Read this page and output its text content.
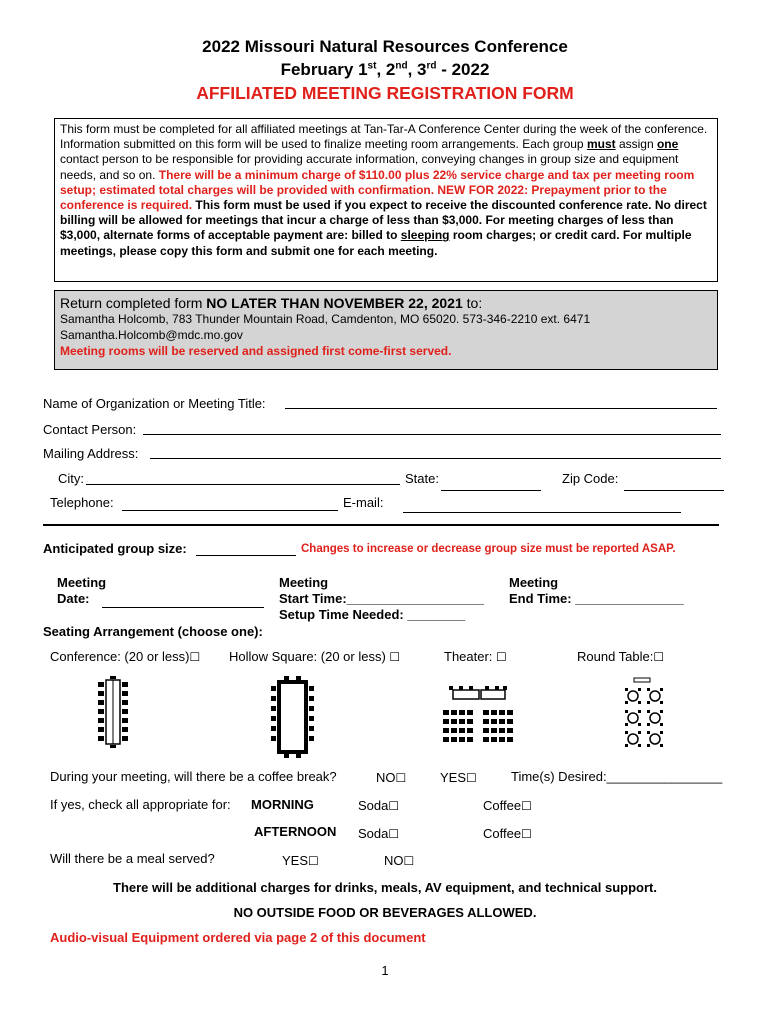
2022 Missouri Natural Resources Conference
February 1st, 2nd, 3rd - 2022
AFFILIATED MEETING REGISTRATION FORM
This form must be completed for all affiliated meetings at Tan-Tar-A Conference Center during the week of the conference. Information submitted on this form will be used to finalize meeting room arrangements. Each group must assign one contact person to be responsible for providing accurate information, conveying changes in group size and equipment needs, and so on. There will be a minimum charge of $110.00 plus 22% service charge and tax per meeting room setup; estimated total charges will be provided with confirmation. NEW FOR 2022: Prepayment prior to the conference is required. This form must be used if you expect to receive the discounted conference rate. No direct billing will be allowed for meetings that incur a charge of less than $3,000. For meeting charges of less than $3,000, alternate forms of acceptable payment are: billed to sleeping room charges; or credit card. For multiple meetings, please copy this form and submit one for each meeting.
Return completed form NO LATER THAN NOVEMBER 22, 2021 to:
Samantha Holcomb, 783 Thunder Mountain Road, Camdenton, MO 65020. 573-346-2210 ext. 6471
Samantha.Holcomb@mdc.mo.gov
Meeting rooms will be reserved and assigned first come-first served.
Name of Organization or Meeting Title:
Contact Person:
Mailing Address:
City:	State:	Zip Code:
Telephone:	E-mail:
Anticipated group size:	Changes to increase or decrease group size must be reported ASAP.
Meeting
Date:
Meeting
Start Time:___________________
Setup Time Needed: ________
Meeting
End Time: _______________
Seating Arrangement (choose one):
Conference: (20 or less)☐ Hollow Square: (20 or less) ☐	Theater: ☐	Round Table:☐
During your meeting, will there be a coffee break?	NO☐	YES☐	Time(s) Desired:________________
If yes, check all appropriate for: MORNING	Soda☐	Coffee☐
AFTERNOON Soda☐	Coffee☐
Will there be a meal served?	YES☐	NO☐
There will be additional charges for drinks, meals, AV equipment, and technical support.
NO OUTSIDE FOOD OR BEVERAGES ALLOWED.
Audio-visual Equipment ordered via page 2 of this document
1
